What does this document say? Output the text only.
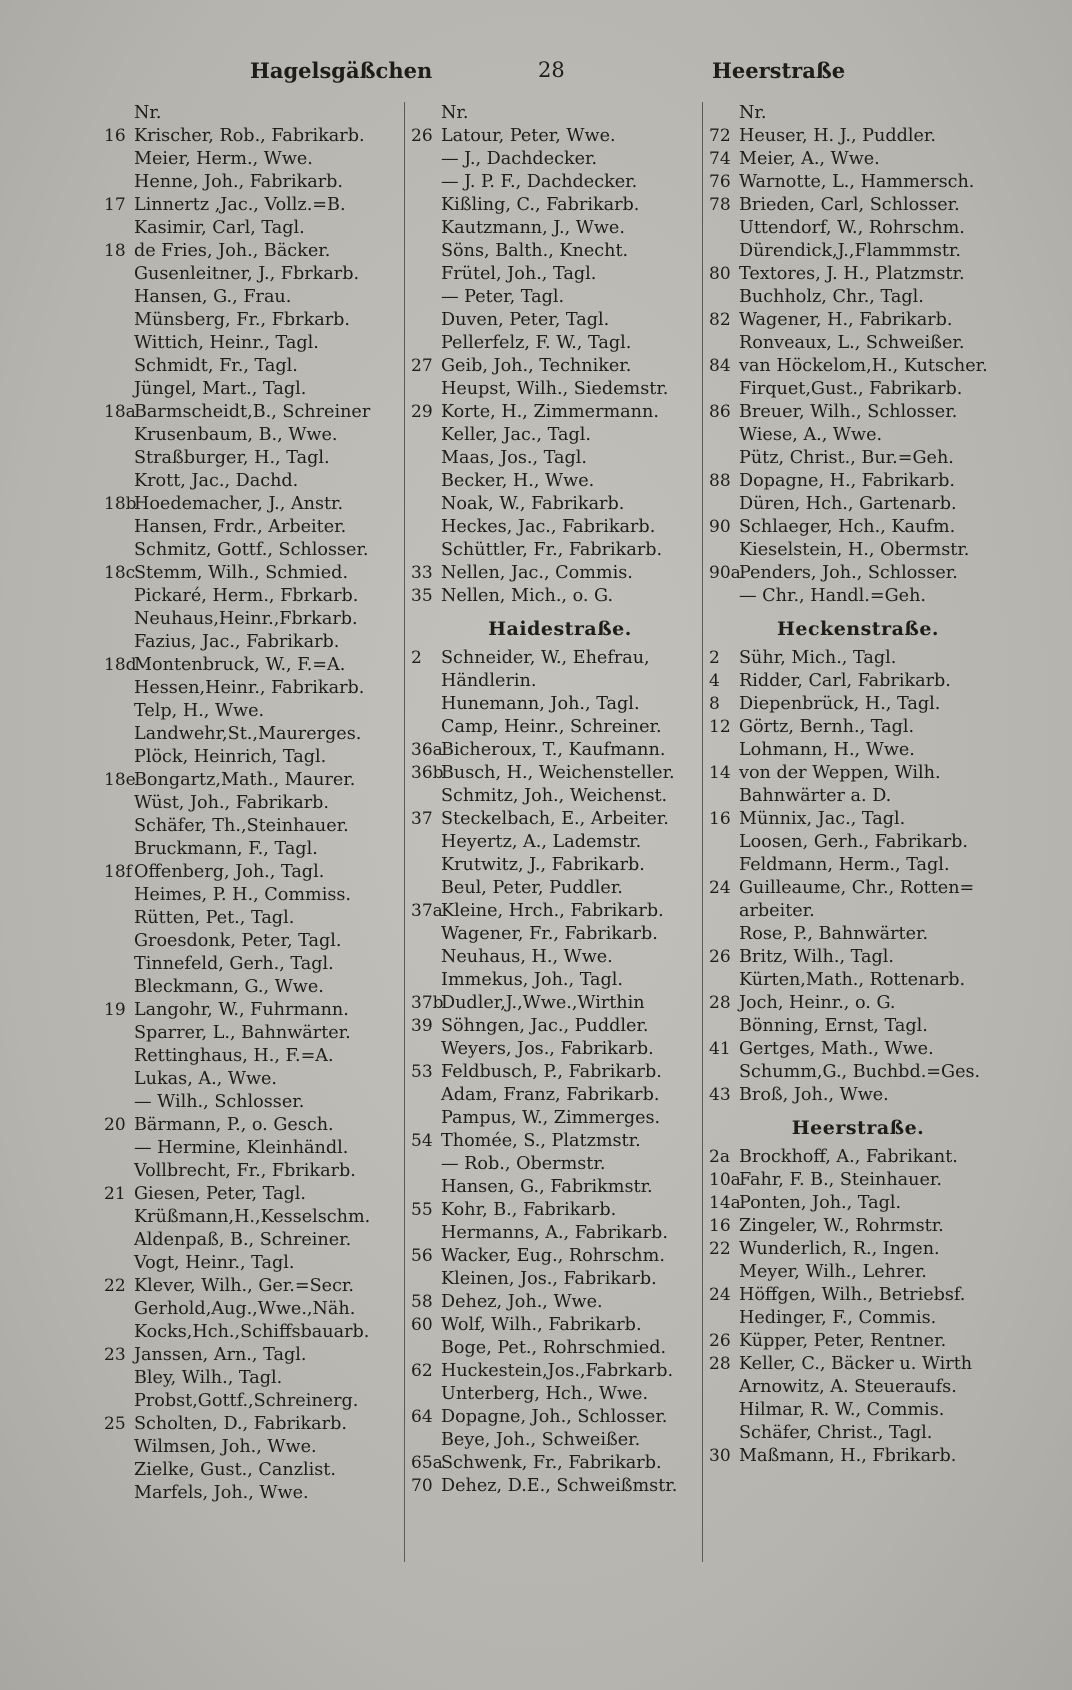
Hagelsgäßchen	28	Heerstraße
Nr.
16 Krischer, Rob., Fabrikarb.
Meier, Herm., Wwe.
Henne, Joh., Fabrikarb.
17 Linnertz ,Jac., Vollz.=B.
Kasimir, Carl, Tagl.
18 de Fries, Joh., Bäcker.
Gusenleitner, J., Fbrkarb.
Hansen, G., Frau.
Münsberg, Fr., Fbrkarb.
Wittich, Heinr., Tagl.
Schmidt, Fr., Tagl.
Jüngel, Mart., Tagl.
18aBarmscheidt,B., Schreiner
Krusenbaum, B., Wwe.
Straßburger, H., Tagl.
Krott, Jac., Dachd.
18bHoedemacher, J., Anstr.
Hansen, Frdr., Arbeiter.
Schmitz, Gottf., Schlosser.
18cStemm, Wilh., Schmied.
Pickaré, Herm., Fbrkarb.
Neuhaus,Heinr.,Fbrkarb.
Fazius, Jac., Fabrikarb.
18dMontenbruck, W., F.=A.
Hessen,Heinr., Fabrikarb.
Telp, H., Wwe.
Landwehr,St.,Maurerges.
Plöck, Heinrich, Tagl.
18eBongartz,Math., Maurer.
Wüst, Joh., Fabrikarb.
Schäfer, Th.,Steinhauer.
Bruckmann, F., Tagl.
18f Offenberg, Joh., Tagl.
Heimes, P. H., Commiss.
Rütten, Pet., Tagl.
Groesdonk, Peter, Tagl.
Tinnefeld, Gerh., Tagl.
Bleckmann, G., Wwe.
19 Langohr, W., Fuhrmann.
Sparrer, L., Bahnwärter.
Rettinghaus, H., F.=A.
Lukas, A., Wwe.
— Wilh., Schlosser.
20 Bärmann, P., o. Gesch.
— Hermine, Kleinhändl.
Vollbrecht, Fr., Fbrikarb.
21 Giesen, Peter, Tagl.
Krüßmann,H.,Kesselschm.
Aldenpaß, B., Schreiner.
Vogt, Heinr., Tagl.
22 Klever, Wilh., Ger.=Secr.
Gerhold,Aug.,Wwe.,Näh.
Kocks,Hch.,Schiffsbauarb.
23 Janssen, Arn., Tagl.
Bley, Wilh., Tagl.
Probst,Gottf.,Schreinerg.
25 Scholten, D., Fabrikarb.
Wilmsen, Joh., Wwe.
Zielke, Gust., Canzlist.
Marfels, Joh., Wwe.
Nr.
26 Latour, Peter, Wwe.
— J., Dachdecker.
— J. P. F., Dachdecker.
Kißling, C., Fabrikarb.
Kautzmann, J., Wwe.
Söns, Balth., Knecht.
Frütel, Joh., Tagl.
— Peter, Tagl.
Duven, Peter, Tagl.
Pellerfelz, F. W., Tagl.
27 Geib, Joh., Techniker.
Heupst, Wilh., Siedemstr.
29 Korte, H., Zimmermann.
Keller, Jac., Tagl.
Maas, Jos., Tagl.
Becker, H., Wwe.
Noak, W., Fabrikarb.
Heckes, Jac., Fabrikarb.
Schüttler, Fr., Fabrikarb.
33 Nellen, Jac., Commis.
35 Nellen, Mich., o. G.
Haidestraße.
2 Schneider, W., Ehefrau,
Händlerin.
Hunemann, Joh., Tagl.
Camp, Heinr., Schreiner.
36aBicheroux, T., Kaufmann.
36bBusch, H., Weichensteller.
Schmitz, Joh., Weichenst.
37 Steckelbach, E., Arbeiter.
Heyertz, A., Lademstr.
Krutwitz, J., Fabrikarb.
Beul, Peter, Puddler.
37aKleine, Hrch., Fabrikarb.
Wagener, Fr., Fabrikarb.
Neuhaus, H., Wwe.
Immekus, Joh., Tagl.
37bDudler,J.,Wwe.,Wirthin
39 Söhngen, Jac., Puddler.
Weyers, Jos., Fabrikarb.
53 Feldbusch, P., Fabrikarb.
Adam, Franz, Fabrikarb.
Pampus, W., Zimmerges.
54 Thomée, S., Platzmstr.
— Rob., Obermstr.
Hansen, G., Fabrikmstr.
55 Kohr, B., Fabrikarb.
Hermanns, A., Fabrikarb.
56 Wacker, Eug., Rohrschm.
Kleinen, Jos., Fabrikarb.
58 Dehez, Joh., Wwe.
60 Wolf, Wilh., Fabrikarb.
Boge, Pet., Rohrschmied.
62 Huckestein,Jos.,Fabrkarb.
Unterberg, Hch., Wwe.
64 Dopagne, Joh., Schlosser.
Beye, Joh., Schweißer.
65aSchwenk, Fr., Fabrikarb.
70 Dehez, D.E., Schweißmstr.
Nr.
72 Heuser, H. J., Puddler.
74 Meier, A., Wwe.
76 Warnotte, L., Hammersch.
78 Brieden, Carl, Schlosser.
Uttendorf, W., Rohrschm.
Dürendick,J.,Flammmstr.
80 Textores, J. H., Platzmstr.
Buchholz, Chr., Tagl.
82 Wagener, H., Fabrikarb.
Ronveaux, L., Schweißer.
84 van Höckelom,H., Kutscher.
Firquet,Gust., Fabrikarb.
86 Breuer, Wilh., Schlosser.
Wiese, A., Wwe.
Pütz, Christ., Bur.=Geh.
88 Dopagne, H., Fabrikarb.
Düren, Hch., Gartenarb.
90 Schlaeger, Hch., Kaufm.
Kieselstein, H., Obermstr.
90aPenders, Joh., Schlosser.
— Chr., Handl.=Geh.
Heckenstraße.
2 Sühr, Mich., Tagl.
4 Ridder, Carl, Fabrikarb.
8 Diepenbrück, H., Tagl.
12 Görtz, Bernh., Tagl.
Lohmann, H., Wwe.
14 von der Weppen, Wilh.
Bahnwärter a. D.
16 Münnix, Jac., Tagl.
Loosen, Gerh., Fabrikarb.
Feldmann, Herm., Tagl.
24 Guilleaume, Chr., Rotten=
arbeiter.
Rose, P., Bahnwärter.
26 Britz, Wilh., Tagl.
Kürten,Math., Rottenarb.
28 Joch, Heinr., o. G.
Bönning, Ernst, Tagl.
41 Gertges, Math., Wwe.
Schumm,G., Buchbd.=Ges.
43 Broß, Joh., Wwe.
Heerstraße.
2a Brockhoff, A., Fabrikant.
10aFahr, F. B., Steinhauer.
14aPonten, Joh., Tagl.
16 Zingeler, W., Rohrmstr.
22 Wunderlich, R., Ingen.
Meyer, Wilh., Lehrer.
24 Höffgen, Wilh., Betriebsf.
Hedinger, F., Commis.
26 Küpper, Peter, Rentner.
28 Keller, C., Bäcker u. Wirth
Arnowitz, A. Steueraufs.
Hilmar, R. W., Commis.
Schäfer, Christ., Tagl.
30 Maßmann, H., Fbrikarb.
